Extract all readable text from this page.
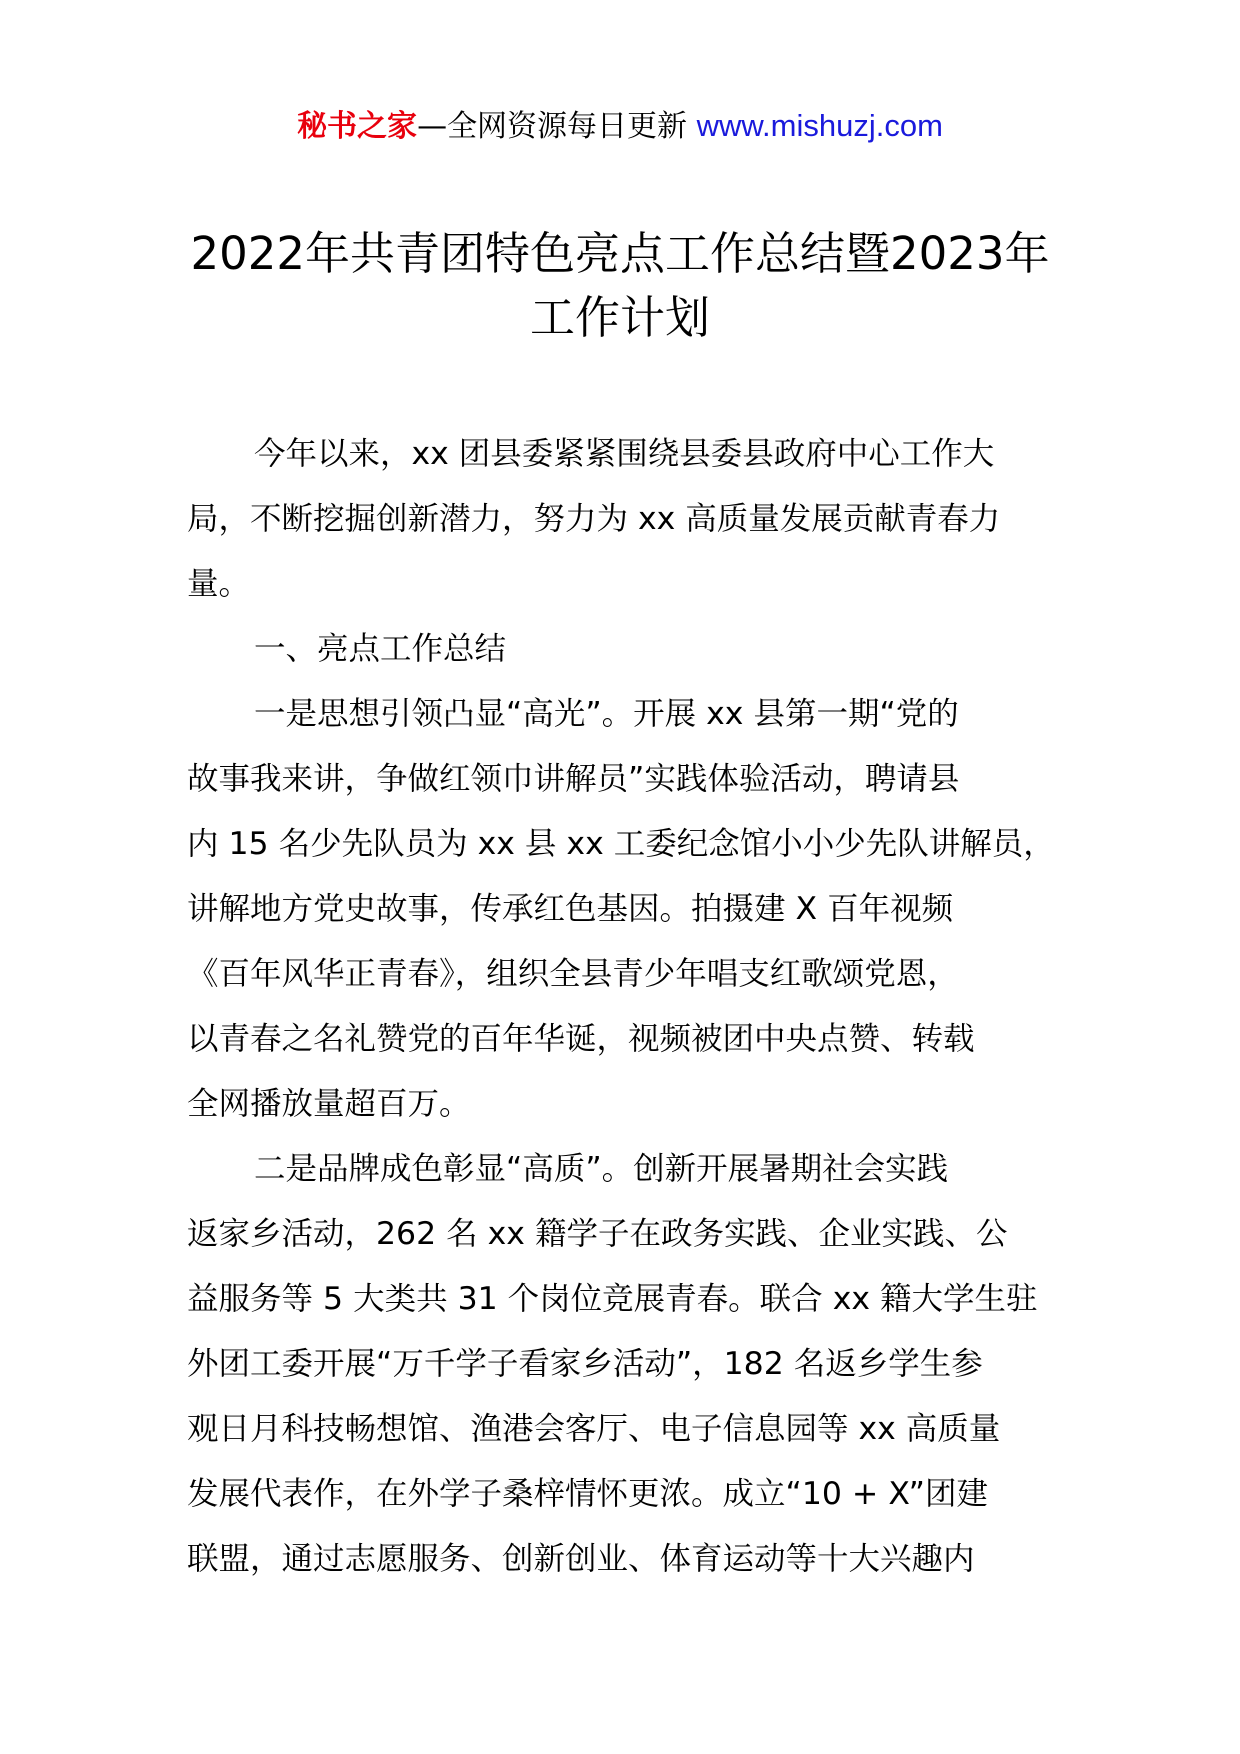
秘书之家—全网资源每日更新 www.mishuzj.com
2022年共青团特色亮点工作总结暨2023年
工作计划
今年以来，xx 团县委紧紧围绕县委县政府中心工作大
局，不断挖掘创新潜力，努力为 xx 高质量发展贡献青春力
量。
一、亮点工作总结
一是思想引领凸显“高光”。开展 xx 县第一期“党的
故事我来讲，争做红领巾讲解员”实践体验活动，聘请县
内 15 名少先队员为 xx 县 xx 工委纪念馆小小少先队讲解员，
讲解地方党史故事，传承红色基因。拍摄建 X 百年视频
《百年风华正青春》，组织全县青少年唱支红歌颂党恩，
以青春之名礼赞党的百年华诞，视频被团中央点赞、转载
全网播放量超百万。
二是品牌成色彰显“高质”。创新开展暑期社会实践
返家乡活动，262 名 xx 籍学子在政务实践、企业实践、公
益服务等 5 大类共 31 个岗位竞展青春。联合 xx 籍大学生驻
外团工委开展“万千学子看家乡活动”，182 名返乡学生参
观日月科技畅想馆、渔港会客厅、电子信息园等 xx 高质量
发展代表作，在外学子桑梓情怀更浓。成立“10 + X”团建
联盟，通过志愿服务、创新创业、体育运动等十大兴趣内
